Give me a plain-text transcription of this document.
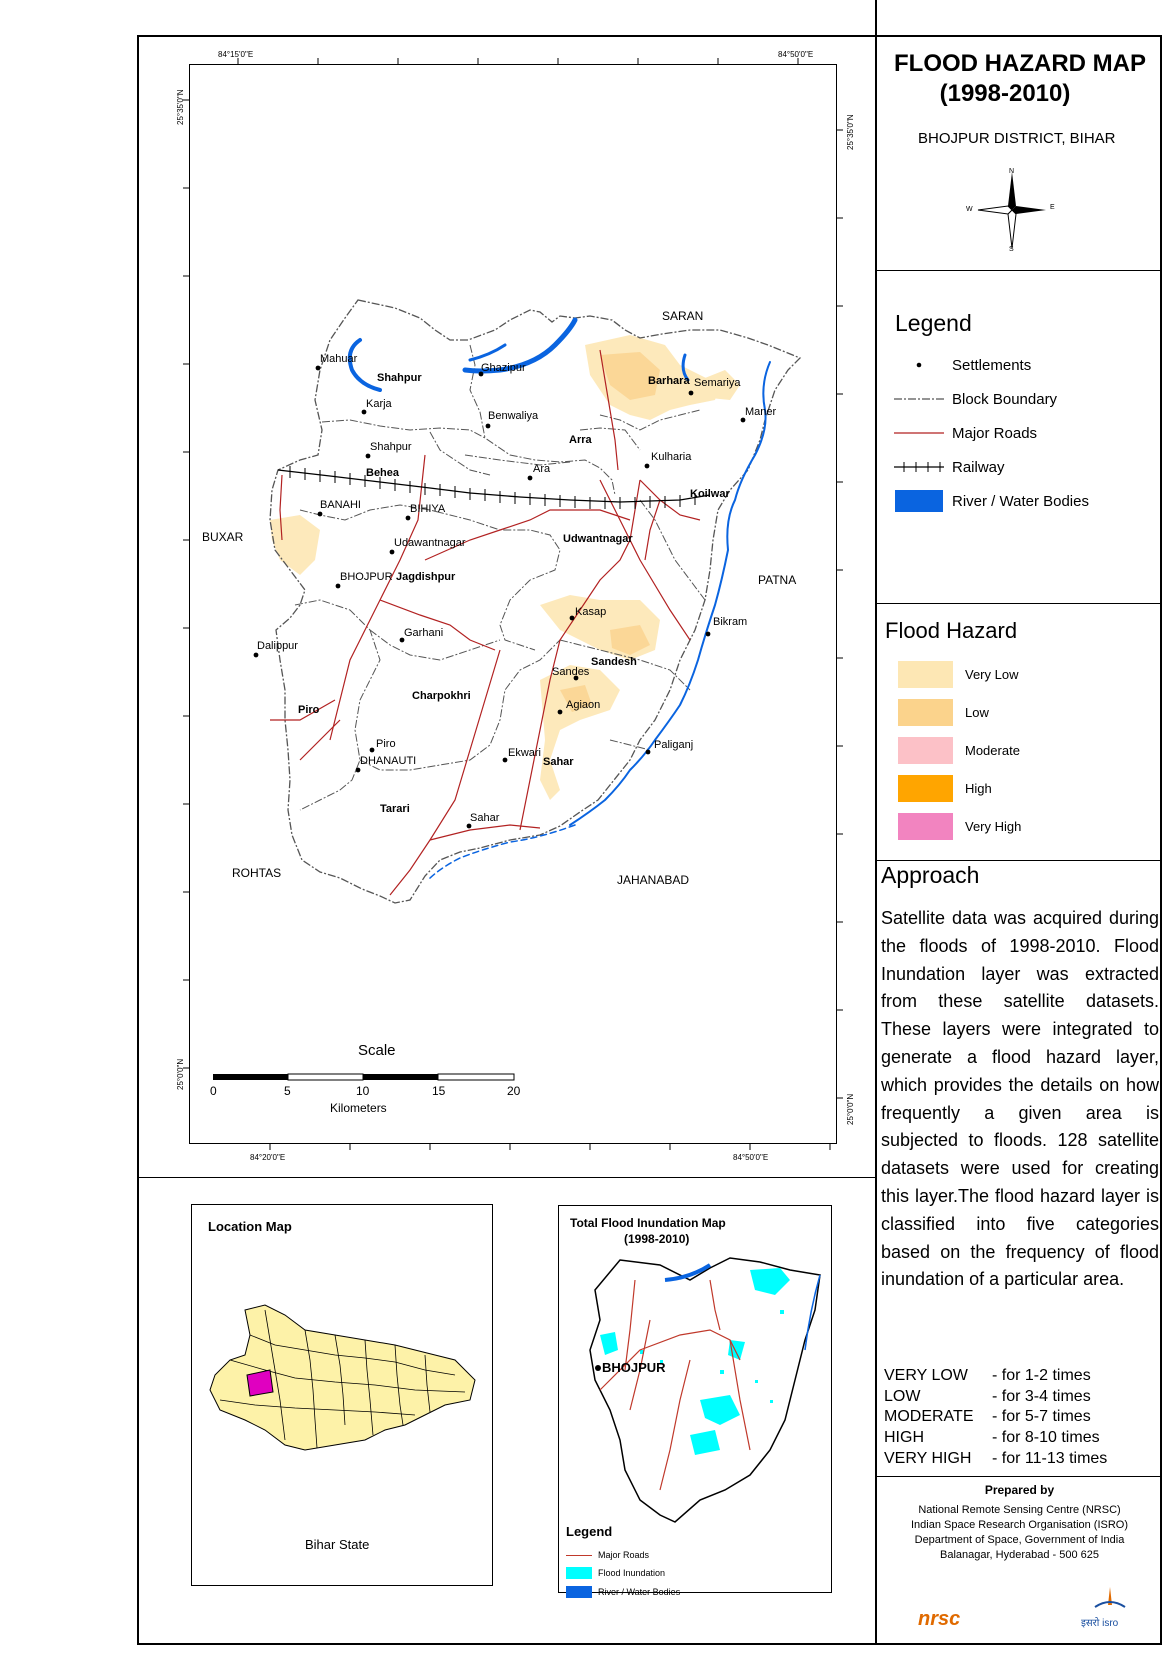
84°15'0"E	84°50'0"E
84°20'0"E	84°50'0"E
25°35'0"N
25°0'0"N
25°35'0"N
25°0'0"N
SARAN
BUXAR
PATNA
ROHTAS	JAHANABAD
Mahuar
Shahpur
Ghazipur
Barhara Semariya
Maner
Karja
Benwaliya
Arra
Shahpur
Behea
Kulharia
Ara
Koilwar
BANAHI	BIHIYA
Udwantnagar
Udawantnagar
BHOJPUR Jagdishpur
Kasap
Bikram
Dalippur
Garhani
Sandesh
Sandes
Charpokhri
Agiaon
Piro
Piro
DHANAUTI
Ekwari
Sahar
Paliganj
Tarari
Sahar
Scale
0	5	10	15	20
Kilometers
FLOOD HAZARD MAP
(1998-2010)
BHOJPUR DISTRICT, BIHAR
N
S
W	E
Legend
Settlements
Block Boundary
Major Roads
Railway
River / Water Bodies
Flood Hazard
Very Low
Low
Moderate
High
Very High
Approach
Satellite data was acquired during the floods of 1998-2010. Flood Inundation layer was extracted from these satellite datasets. These layers were integrated to generate a flood hazard layer, which provides the details on how frequently a given area is subjected to floods. 128 satellite datasets were used for creating this layer.The flood hazard layer is classified into five categories based on the frequency of flood inundation of a particular area.
VERY LOW - for 1-2 times
LOW	- for 3-4 times
MODERATE - for 5-7 times
HIGH	- for 8-10 times
VERY HIGH - for 11-13 times
Prepared by
National Remote Sensing Centre (NRSC)
Indian Space Research Organisation (ISRO)
Department of Space, Government of India
Balanagar, Hyderabad - 500 625
nrsc	इसरो isro
Location Map
Bihar State
Total Flood Inundation Map
(1998-2010)
BHOJPUR
Legend
Major Roads
Flood Inundation
River / Water Bodies
